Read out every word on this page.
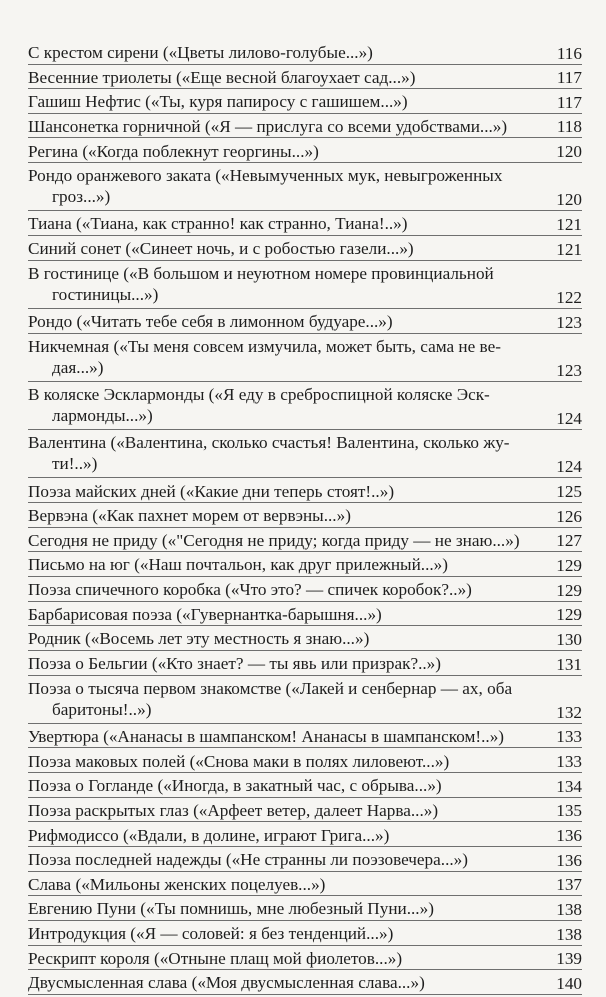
С крестом сирени («Цветы лилово-голубые...»)	116
Весенние триолеты («Еще весной благоухает сад...»)	117
Гашиш Нефтис («Ты, куря папиросу с гашишем...»)	117
Шансонетка горничной («Я — прислуга со всеми удобствами...»)	118
Регина («Когда поблекнут георгины...»)	120
Рондо оранжевого заката («Невымученных мук, невыгроженных
гроз...»)	120
Тиана («Тиана, как странно! как странно, Тиана!..»)	121
Синий сонет («Синеет ночь, и с робостью газели...»)	121
В гостинице («В большом и неуютном номере провинциальной
гостиницы...»)	122
Рондо («Читать тебе себя в лимонном будуаре...»)	123
Никчемная («Ты меня совсем измучила, может быть, сама не ве-
дая...»)	123
В коляске Эсклармонды («Я еду в среброспицной коляске Эск-
лармонды...»)	124
Валентина («Валентина, сколько счастья! Валентина, сколько жу-
ти!..»)	124
Поэза майских дней («Какие дни теперь стоят!..»)	125
Вервэна («Как пахнет морем от вервэны...»)	126
Сегодня не приду («"Сегодня не приду; когда приду — не знаю...»)	127
Письмо на юг («Наш почтальон, как друг прилежный...»)	129
Поэза спичечного коробка («Что это? — спичек коробок?..»)	129
Барбарисовая поэза («Гувернантка-барышня...»)	129
Родник («Восемь лет эту местность я знаю...»)	130
Поэза о Бельгии («Кто знает? — ты явь или призрак?..»)	131
Поэза о тысяча первом знакомстве («Лакей и сенбернар — ах, оба
баритоны!..»)	132
Увертюра («Ананасы в шампанском! Ананасы в шампанском!..»)	133
Поэза маковых полей («Снова маки в полях лиловеют...»)	133
Поэза о Гогланде («Иногда, в закатный час, с обрыва...»)	134
Поэза раскрытых глаз («Арфеет ветер, далеет Нарва...»)	135
Рифмодиссо («Вдали, в долине, играют Грига...»)	136
Поэза последней надежды («Не странны ли поэзовечера...»)	136
Слава («Мильоны женских поцелуев...»)	137
Евгению Пуни («Ты помнишь, мне любезный Пуни...»)	138
Интродукция («Я — соловей: я без тенденций...»)	138
Рескрипт короля («Отныне плащ мой фиолетов...»)	139
Двусмысленная слава («Моя двусмысленная слава...»)	140
